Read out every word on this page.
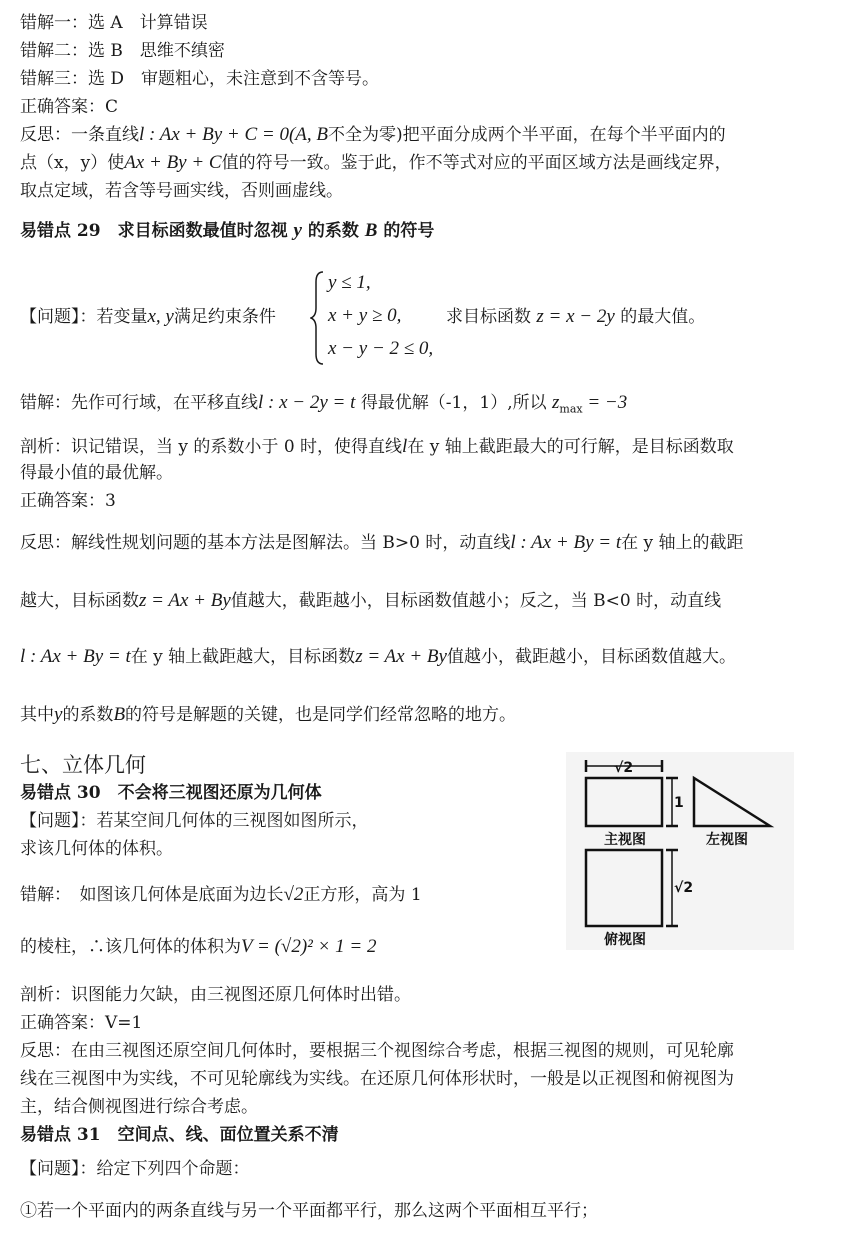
错解一：选 A　计算错误
错解二：选 B　思维不缜密
错解三：选 D　审题粗心，未注意到不含等号。
正确答案：C
反思：一条直线l : Ax + By + C = 0(A, B不全为零)把平面分成两个半平面，在每个半平面内的
点（x，y）使Ax + By + C值的符号一致。鉴于此，作不等式对应的平面区域方法是画线定界，
取点定域，若含等号画实线，否则画虚线。
易错点 29　求目标函数最值时忽视 y 的系数 B 的符号
【问题】：若变量x, y满足约束条件
y ≤ 1,
x + y ≥ 0,
x − y − 2 ≤ 0,
求目标函数 z = x − 2y 的最大值。
错解：先作可行域，在平移直线l : x − 2y = t 得最优解（-1，1）,所以 $z_{max} = -3$
剖析：识记错误，当 y 的系数小于 0 时，使得直线l在 y 轴上截距最大的可行解，是目标函数取
得最小值的最优解。
正确答案：3
反思：解线性规划问题的基本方法是图解法。当 B>0 时，动直线l : Ax + By = t在 y 轴上的截距
越大，目标函数z = Ax + By值越大，截距越小，目标函数值越小；反之，当 B<0 时，动直线
l : Ax + By = t在 y 轴上截距越大，目标函数z = Ax + By值越小，截距越小，目标函数值越大。
其中y的系数B的符号是解题的关键，也是同学们经常忽略的地方。
七、立体几何
易错点 30　不会将三视图还原为几何体
【问题】：若某空间几何体的三视图如图所示，
求该几何体的体积。
错解：　如图该几何体是底面为边长√2正方形，高为 1
的棱柱，∴该几何体的体积为V = (√2)² × 1 = 2
√2
1
√2
主视图	左视图
俯视图
剖析：识图能力欠缺，由三视图还原几何体时出错。
正确答案：V=1
反思：在由三视图还原空间几何体时，要根据三个视图综合考虑，根据三视图的规则，可见轮廓
线在三视图中为实线，不可见轮廓线为实线。在还原几何体形状时，一般是以正视图和俯视图为
主，结合侧视图进行综合考虑。
易错点 31　空间点、线、面位置关系不清
【问题】：给定下列四个命题：
①若一个平面内的两条直线与另一个平面都平行，那么这两个平面相互平行；
